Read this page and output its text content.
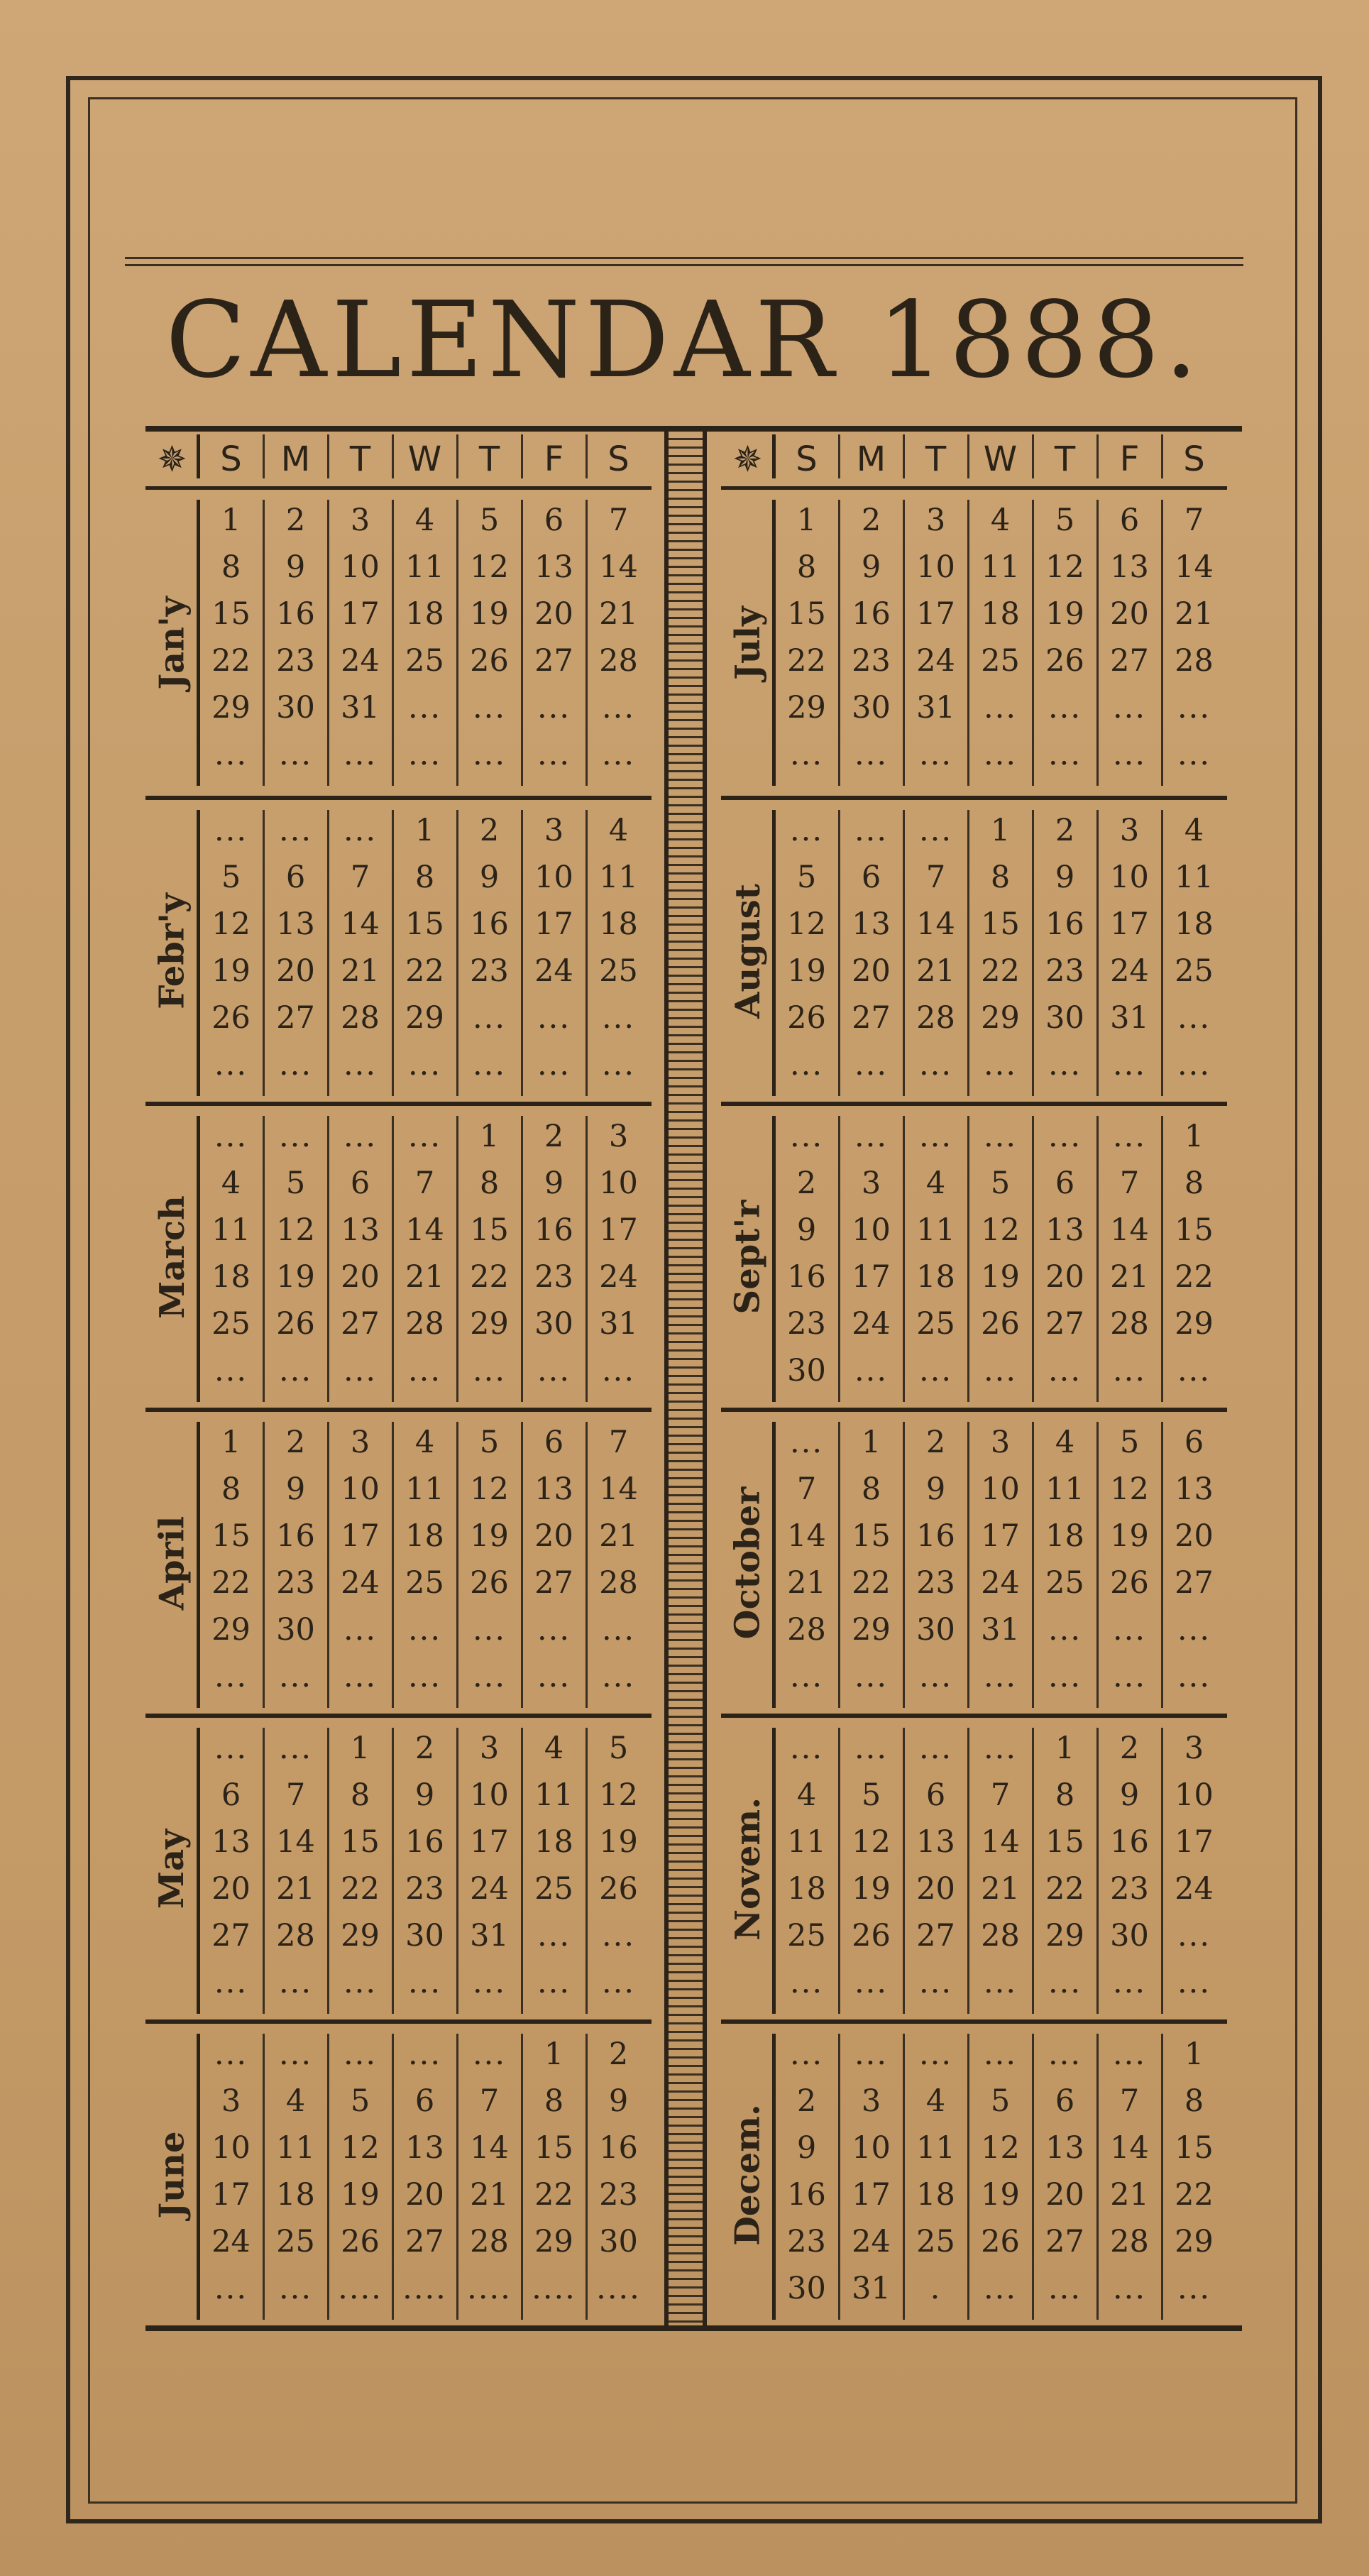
CALENDAR 1888.
✵ S	M	T	W	T	F	S
Jan'y
1	2	3	4	5	6	7
8	9	10 11 12 13 14
15 16 17 18 19 20 21
22 23 24 25 26 27 28
29 30 31 ...	...	...	...
...	...	...	...	...	...	...
Febr'y
...	...	...	1	2	3	4
5	6	7	8	9	10 11
12 13 14 15 16 17 18
19 20 21 22 23 24 25
26 27 28 29 ...	...	...
...	...	...	...	...	...	...
March
...	...	...	...	1	2	3
4	5	6	7	8	9	10
11 12 13 14 15 16 17
18 19 20 21 22 23 24
25 26 27 28 29 30 31
...	...	...	...	...	...	...
April
1	2	3	4	5	6	7
8	9	10 11 12 13 14
15 16 17 18 19 20 21
22 23 24 25 26 27 28
29 30 ...	...	...	...	...
...	...	...	...	...	...	...
May
...	...	1	2	3	4	5
6	7	8	9	10 11 12
13 14 15 16 17 18 19
20 21 22 23 24 25 26
27 28 29 30 31 ...	...
...	...	...	...	...	...	...
June
...	...	...	...	...	1	2
3	4	5	6	7	8	9
10 11 12 13 14 15 16
17 18 19 20 21 22 23
24 25 26 27 28 29 30
...	... .... .... .... .... ....
✵ S	M	T	W	T	F	S
July
1	2	3	4	5	6	7
8	9	10 11 12 13 14
15 16 17 18 19 20 21
22 23 24 25 26 27 28
29 30 31 ...	...	...	...
...	...	...	...	...	...	...
August
...	...	...	1	2	3	4
5	6	7	8	9	10 11
12 13 14 15 16 17 18
19 20 21 22 23 24 25
26 27 28 29 30 31 ...
...	...	...	...	...	...	...
Sept'r
...	...	...	...	...	...	1
2	3	4	5	6	7	8
9	10 11 12 13 14 15
16 17 18 19 20 21 22
23 24 25 26 27 28 29
30 ...	...	...	...	...	...
October
...	1	2	3	4	5	6
7	8	9	10 11 12 13
14 15 16 17 18 19 20
21 22 23 24 25 26 27
28 29 30 31 ...	...	...
...	...	...	...	...	...	...
Novem.
...	...	...	...	1	2	3
4	5	6	7	8	9	10
11 12 13 14 15 16 17
18 19 20 21 22 23 24
25 26 27 28 29 30 ...
...	...	...	...	...	...	...
Decem.
...	...	...	...	...	...	1
2	3	4	5	6	7	8
9	10 11 12 13 14 15
16 17 18 19 20 21 22
23 24 25 26 27 28 29
30 31	.	...	...	...	...
